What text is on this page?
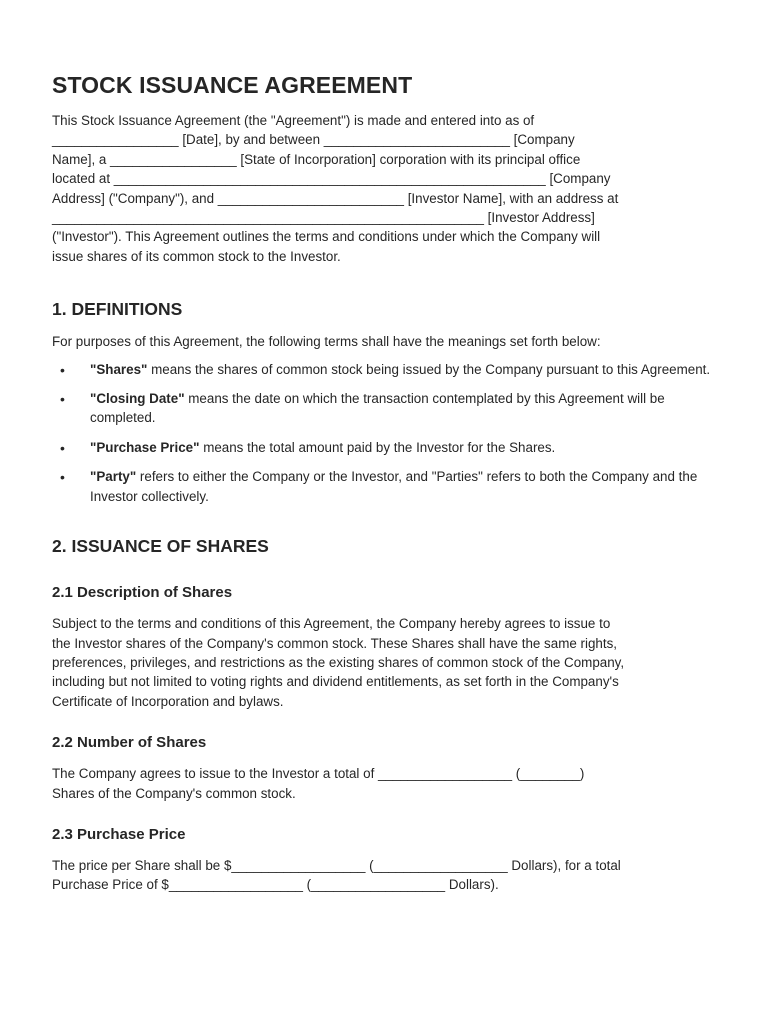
STOCK ISSUANCE AGREEMENT

This Stock Issuance Agreement (the "Agreement") is made and entered into as of
_________________ [Date], by and between _________________________ [Company
Name], a _________________ [State of Incorporation] corporation with its principal office
located at __________________________________________________________ [Company
Address] ("Company"), and _________________________ [Investor Name], with an address at
__________________________________________________________ [Investor Address]
("Investor"). This Agreement outlines the terms and conditions under which the Company will
issue shares of its common stock to the Investor.

1. DEFINITIONS

For purposes of this Agreement, the following terms shall have the meanings set forth below:

• "Shares" means the shares of common stock being issued by the Company pursuant to this Agreement.
• "Closing Date" means the date on which the transaction contemplated by this Agreement will be completed.
• "Purchase Price" means the total amount paid by the Investor for the Shares.
• "Party" refers to either the Company or the Investor, and "Parties" refers to both the Company and the Investor collectively.
2. ISSUANCE OF SHARES
2.1 Description of Shares

Subject to the terms and conditions of this Agreement, the Company hereby agrees to issue to
the Investor shares of the Company's common stock. These Shares shall have the same rights,
preferences, privileges, and restrictions as the existing shares of common stock of the Company,
including but not limited to voting rights and dividend entitlements, as set forth in the Company's
Certificate of Incorporation and bylaws.

2.2 Number of Shares

The Company agrees to issue to the Investor a total of __________________ (________)
Shares of the Company's common stock.

2.3 Purchase Price

The price per Share shall be $__________________ (__________________ Dollars), for a total
Purchase Price of $__________________ (__________________ Dollars).
